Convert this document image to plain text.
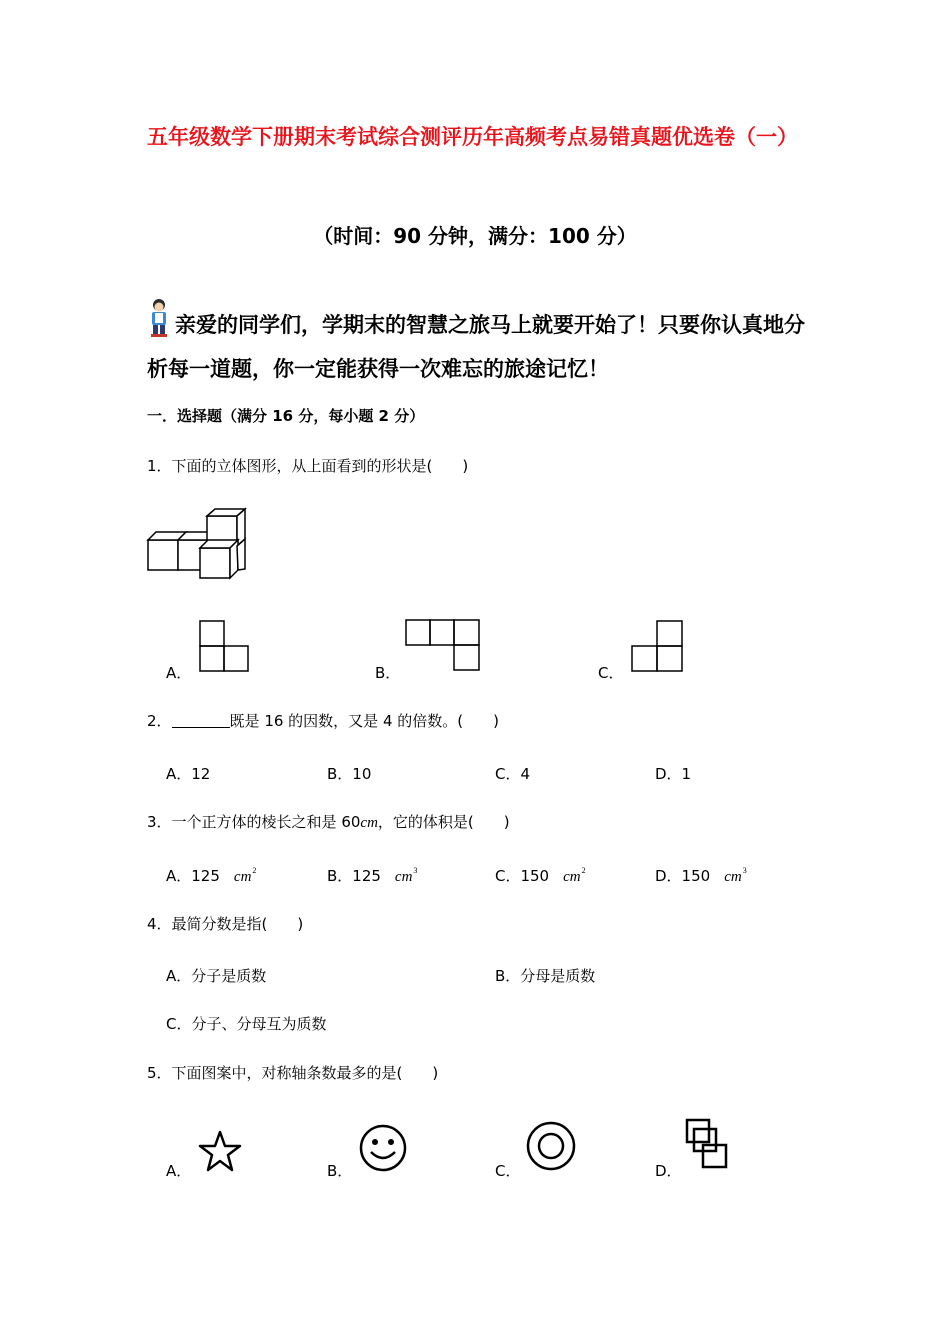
五年级数学下册期末考试综合测评历年高频考点易错真题优选卷（一）
（时间：90 分钟，满分：100 分）
亲爱的同学们，学期末的智慧之旅马上就要开始了！只要你认真地分析每一道题，你一定能获得一次难忘的旅途记忆！
一．选择题（满分 16 分，每小题 2 分）
1．下面的立体图形，从上面看到的形状是(　　)
A．	B．	C．
2．	既是 16 的因数，又是 4 的倍数。(　　)
A．12	B．10	C．4	D．1
3．一个正方体的棱长之和是 60cm，它的体积是(　　)
A．125 $cm^2$	B．125 $cm^3$	C．150 $cm^2$	D．150 $cm^3$
4．最简分数是指(　　)
A．分子是质数	B．分母是质数
C．分子、分母互为质数
5．下面图案中，对称轴条数最多的是(　　)
A．	B．	C．	D．
